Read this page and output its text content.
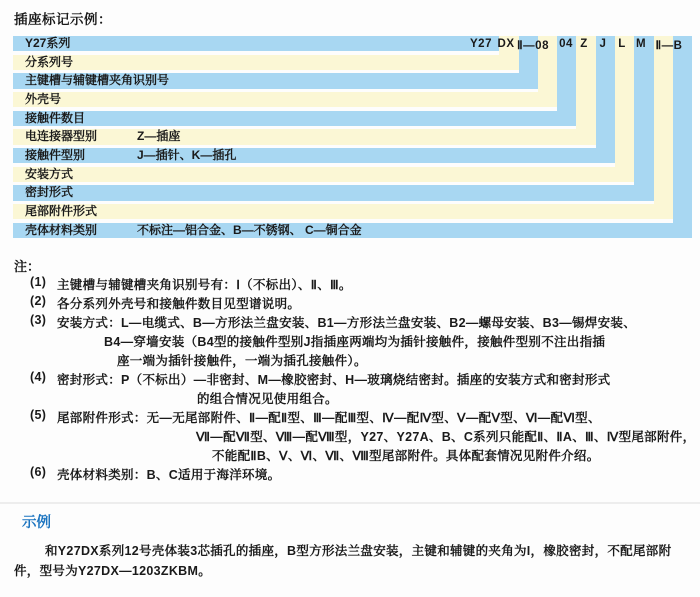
插座标记示例：
Y27系列
分系列号
主键槽与辅键槽夹角识别号
外壳号
接触件数目
电连接器型别	Z—插座
接触件型别	J—插针、K—插孔
安装方式
密封形式
尾部附件形式
壳体材料类别	不标注—铝合金、B—不锈钢、 C—铜合金
Y27 DX Ⅱ—08 04 Z J L M Ⅱ—B
注：
(1) 主键槽与辅键槽夹角识别号有：Ⅰ（不标出）、Ⅱ、Ⅲ。
(2) 各分系列外壳号和接触件数目见型谱说明。
(3) 安装方式：L—电缆式、B—方形法兰盘安装、B1—方形法兰盘安装、B2—螺母安装、B3—锡焊安装、
B4—穿墙安装（B4型的接触件型别J指插座两端均为插针接触件，接触件型别不注出指插
座一端为插针接触件，一端为插孔接触件）。
(4) 密封形式：P（不标出）—非密封、M—橡胶密封、H—玻璃烧结密封。插座的安装方式和密封形式
的组合情况见使用组合。
(5) 尾部附件形式：无—无尾部附件、Ⅱ—配Ⅱ型、Ⅲ—配Ⅲ型、Ⅳ—配Ⅳ型、Ⅴ—配Ⅴ型、Ⅵ—配Ⅵ型、
Ⅶ—配Ⅶ型、Ⅷ—配Ⅷ型，Y27、Y27A、B、C系列只能配Ⅱ、ⅡA、Ⅲ、Ⅳ型尾部附件，
不能配ⅡB、Ⅴ、Ⅵ、Ⅶ、Ⅷ型尾部附件。具体配套情况见附件介绍。
(6) 壳体材料类别：B、C适用于海洋环境。
示例
和Y27DX系列12号壳体装3芯插孔的插座，B型方形法兰盘安装，主键和辅键的夹角为I，橡胶密封，不配尾部附
件，型号为Y27DX—1203ZKBM。
